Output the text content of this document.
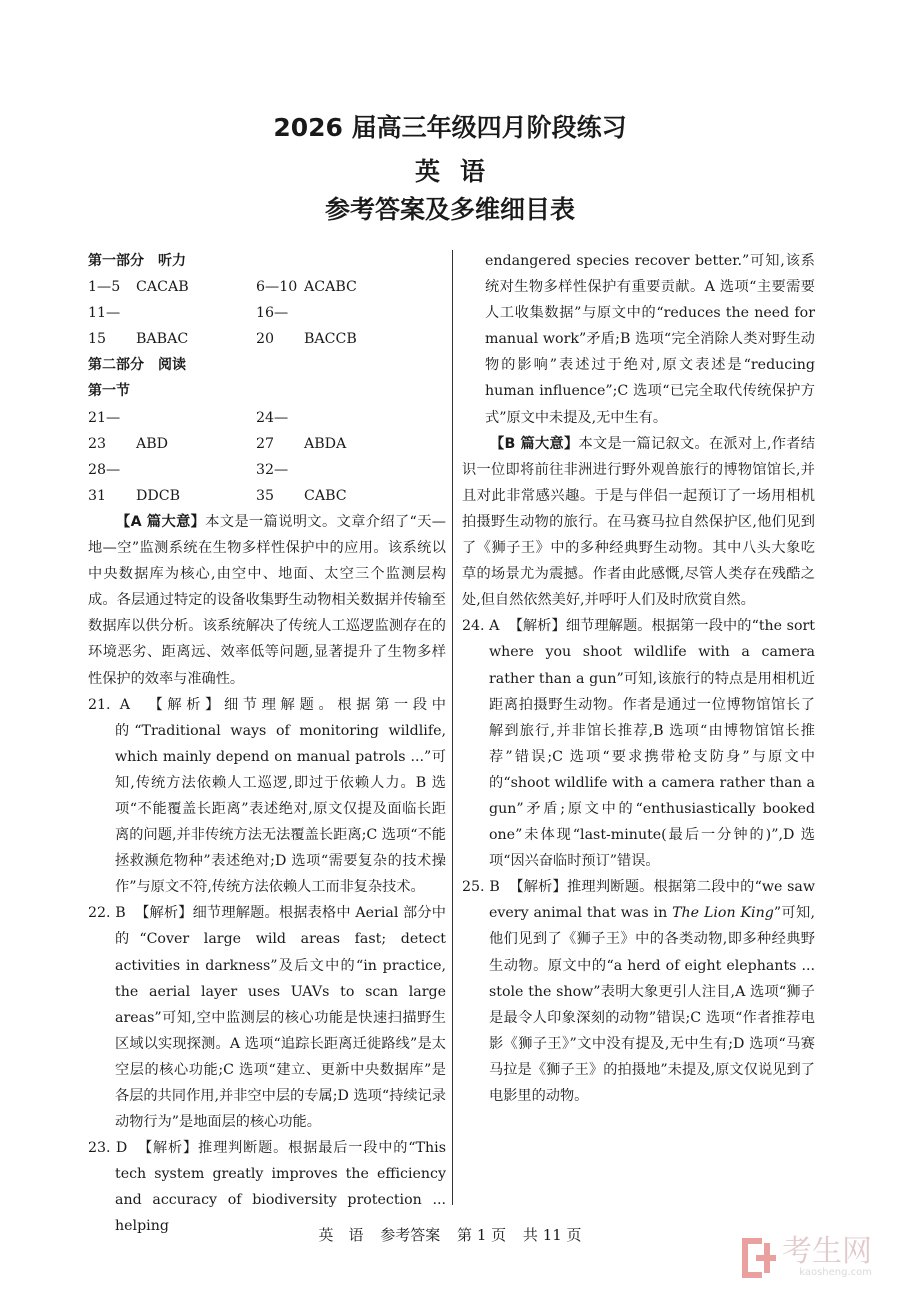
2026 届高三年级四月阶段练习
英语
参考答案及多维细目表
第一部分　听力
1—5 CACAB	6—10 ACABC
11—15 BABAC
16—20 BACCB
第二部分　阅读
第一节
21—23 ABD
24—27 ABDA
28—31 DDCB
32—35 CABC

【A 篇大意】本文是一篇说明文。文章介绍了“天—地—空”监测系统在生物多样性保护中的应用。该系统以中央数据库为核心,由空中、地面、太空三个监测层构成。各层通过特定的设备收集野生动物相关数据并传输至数据库以供分析。该系统解决了传统人工巡逻监测存在的环境恶劣、距离远、效率低等问题,显著提升了生物多样性保护的效率与准确性。

21. A 【解析】细节理解题。根据第一段中的“Traditional ways of monitoring wildlife, which mainly depend on manual patrols ...”可知,传统方法依赖人工巡逻,即过于依赖人力。B 选项“不能覆盖长距离”表述绝对,原文仅提及面临长距离的问题,并非传统方法无法覆盖长距离;C 选项“不能拯救濒危物种”表述绝对;D 选项“需要复杂的技术操作”与原文不符,传统方法依赖人工而非复杂技术。

22. B 【解析】细节理解题。根据表格中 Aerial 部分中的“Cover large wild areas fast; detect activities in darkness”及后文中的“in practice, the aerial layer uses UAVs to scan large areas”可知,空中监测层的核心功能是快速扫描野生区域以实现探测。A 选项“追踪长距离迁徙路线”是太空层的核心功能;C 选项“建立、更新中央数据库”是各层的共同作用,并非空中层的专属;D 选项“持续记录动物行为”是地面层的核心功能。

23. D 【解析】推理判断题。根据最后一段中的“This tech system greatly improves the efficiency and accuracy of biodiversity protection ... helping

endangered species recover better.”可知,该系统对生物多样性保护有重要贡献。A 选项“主要需要人工收集数据”与原文中的“reduces the need for manual work”矛盾;B 选项“完全消除人类对野生动物的影响”表述过于绝对,原文表述是“reducing human influence”;C 选项“已完全取代传统保护方式”原文中未提及,无中生有。

【B 篇大意】本文是一篇记叙文。在派对上,作者结识一位即将前往非洲进行野外观兽旅行的博物馆馆长,并且对此非常感兴趣。于是与伴侣一起预订了一场用相机拍摄野生动物的旅行。在马赛马拉自然保护区,他们见到了《狮子王》中的多种经典野生动物。其中八头大象吃草的场景尤为震撼。作者由此感慨,尽管人类存在残酷之处,但自然依然美好,并呼吁人们及时欣赏自然。

24. A 【解析】细节理解题。根据第一段中的“the sort where you shoot wildlife with a camera rather than a gun”可知,该旅行的特点是用相机近距离拍摄野生动物。作者是通过一位博物馆馆长了解到旅行,并非馆长推荐,B 选项“由博物馆馆长推荐”错误;C 选项“要求携带枪支防身”与原文中的“shoot wildlife with a camera rather than a gun”矛盾;原文中的“enthusiastically booked one”未体现“last-minute(最后一分钟的)”,D 选项“因兴奋临时预订”错误。

25. B 【解析】推理判断题。根据第二段中的“we saw every animal that was in The Lion King”可知,他们见到了《狮子王》中的各类动物,即多种经典野生动物。原文中的“a herd of eight elephants ... stole the show”表明大象更引人注目,A 选项“狮子是最令人印象深刻的动物”错误;C 选项“作者推荐电影《狮子王》”文中没有提及,无中生有;D 选项“马赛马拉是《狮子王》的拍摄地”未提及,原文仅说见到了电影里的动物。

英　语 参考答案 第 1 页 共 11 页	考生网
kaosheng.com
